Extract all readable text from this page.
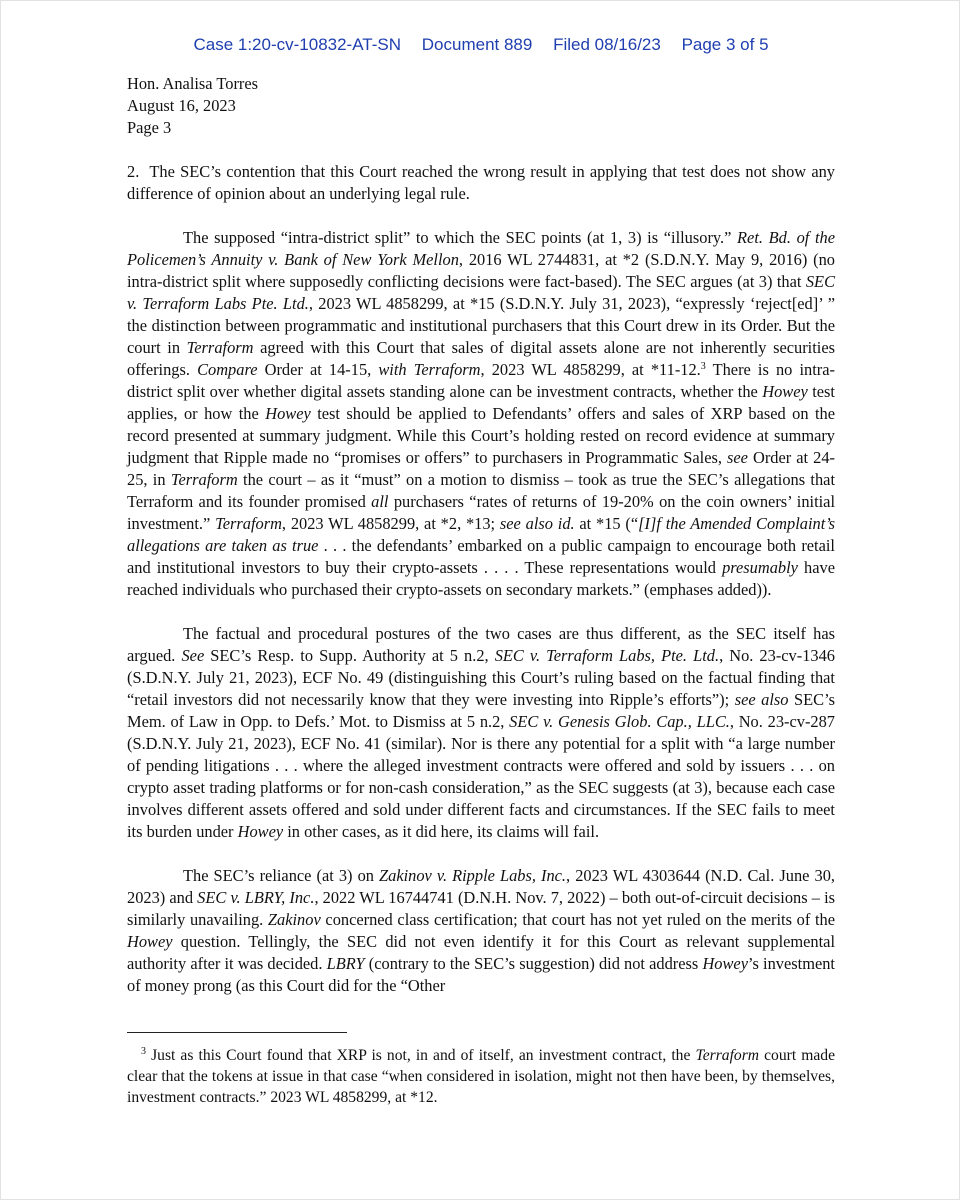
Case 1:20-cv-10832-AT-SN Document 889 Filed 08/16/23 Page 3 of 5
Hon. Analisa Torres
August 16, 2023
Page 3

2.  The SEC’s contention that this Court reached the wrong result in applying that test does not show any difference of opinion about an underlying legal rule.

The supposed “intra-district split” to which the SEC points (at 1, 3) is “illusory.” Ret. Bd. of the Policemen’s Annuity v. Bank of New York Mellon, 2016 WL 2744831, at *2 (S.D.N.Y. May 9, 2016) (no intra-district split where supposedly conflicting decisions were fact-based). The SEC argues (at 3) that SEC v. Terraform Labs Pte. Ltd., 2023 WL 4858299, at *15 (S.D.N.Y. July 31, 2023), “expressly ‘reject[ed]’ ” the distinction between programmatic and institutional purchasers that this Court drew in its Order. But the court in Terraform agreed with this Court that sales of digital assets alone are not inherently securities offerings. Compare Order at 14-15, with Terraform, 2023 WL 4858299, at *11-12.$^3$ There is no intra-district split over whether digital assets standing alone can be investment contracts, whether the Howey test applies, or how the Howey test should be applied to Defendants’ offers and sales of XRP based on the record presented at summary judgment. While this Court’s holding rested on record evidence at summary judgment that Ripple made no “promises or offers” to purchasers in Programmatic Sales, see Order at 24-25, in Terraform the court – as it “must” on a motion to dismiss – took as true the SEC’s allegations that Terraform and its founder promised all purchasers “rates of returns of 19-20% on the coin owners’ initial investment.” Terraform, 2023 WL 4858299, at *2, *13; see also id. at *15 (“[I]f the Amended Complaint’s allegations are taken as true . . . the defendants’ embarked on a public campaign to encourage both retail and institutional investors to buy their crypto-assets . . . . These representations would presumably have reached individuals who purchased their crypto-assets on secondary markets.” (emphases added)).

The factual and procedural postures of the two cases are thus different, as the SEC itself has argued. See SEC’s Resp. to Supp. Authority at 5 n.2, SEC v. Terraform Labs, Pte. Ltd., No. 23-cv-1346 (S.D.N.Y. July 21, 2023), ECF No. 49 (distinguishing this Court’s ruling based on the factual finding that “retail investors did not necessarily know that they were investing into Ripple’s efforts”); see also SEC’s Mem. of Law in Opp. to Defs.’ Mot. to Dismiss at 5 n.2, SEC v. Genesis Glob. Cap., LLC., No. 23-cv-287 (S.D.N.Y. July 21, 2023), ECF No. 41 (similar). Nor is there any potential for a split with “a large number of pending litigations . . . where the alleged investment contracts were offered and sold by issuers . . . on crypto asset trading platforms or for non-cash consideration,” as the SEC suggests (at 3), because each case involves different assets offered and sold under different facts and circumstances. If the SEC fails to meet its burden under Howey in other cases, as it did here, its claims will fail.

The SEC’s reliance (at 3) on Zakinov v. Ripple Labs, Inc., 2023 WL 4303644 (N.D. Cal. June 30, 2023) and SEC v. LBRY, Inc., 2022 WL 16744741 (D.N.H. Nov. 7, 2022) – both out-of-circuit decisions – is similarly unavailing. Zakinov concerned class certification; that court has not yet ruled on the merits of the Howey question. Tellingly, the SEC did not even identify it for this Court as relevant supplemental authority after it was decided. LBRY (contrary to the SEC’s suggestion) did not address Howey’s investment of money prong (as this Court did for the “Other

$^3$ Just as this Court found that XRP is not, in and of itself, an investment contract, the Terraform court made clear that the tokens at issue in that case “when considered in isolation, might not then have been, by themselves, investment contracts.” 2023 WL 4858299, at *12.
